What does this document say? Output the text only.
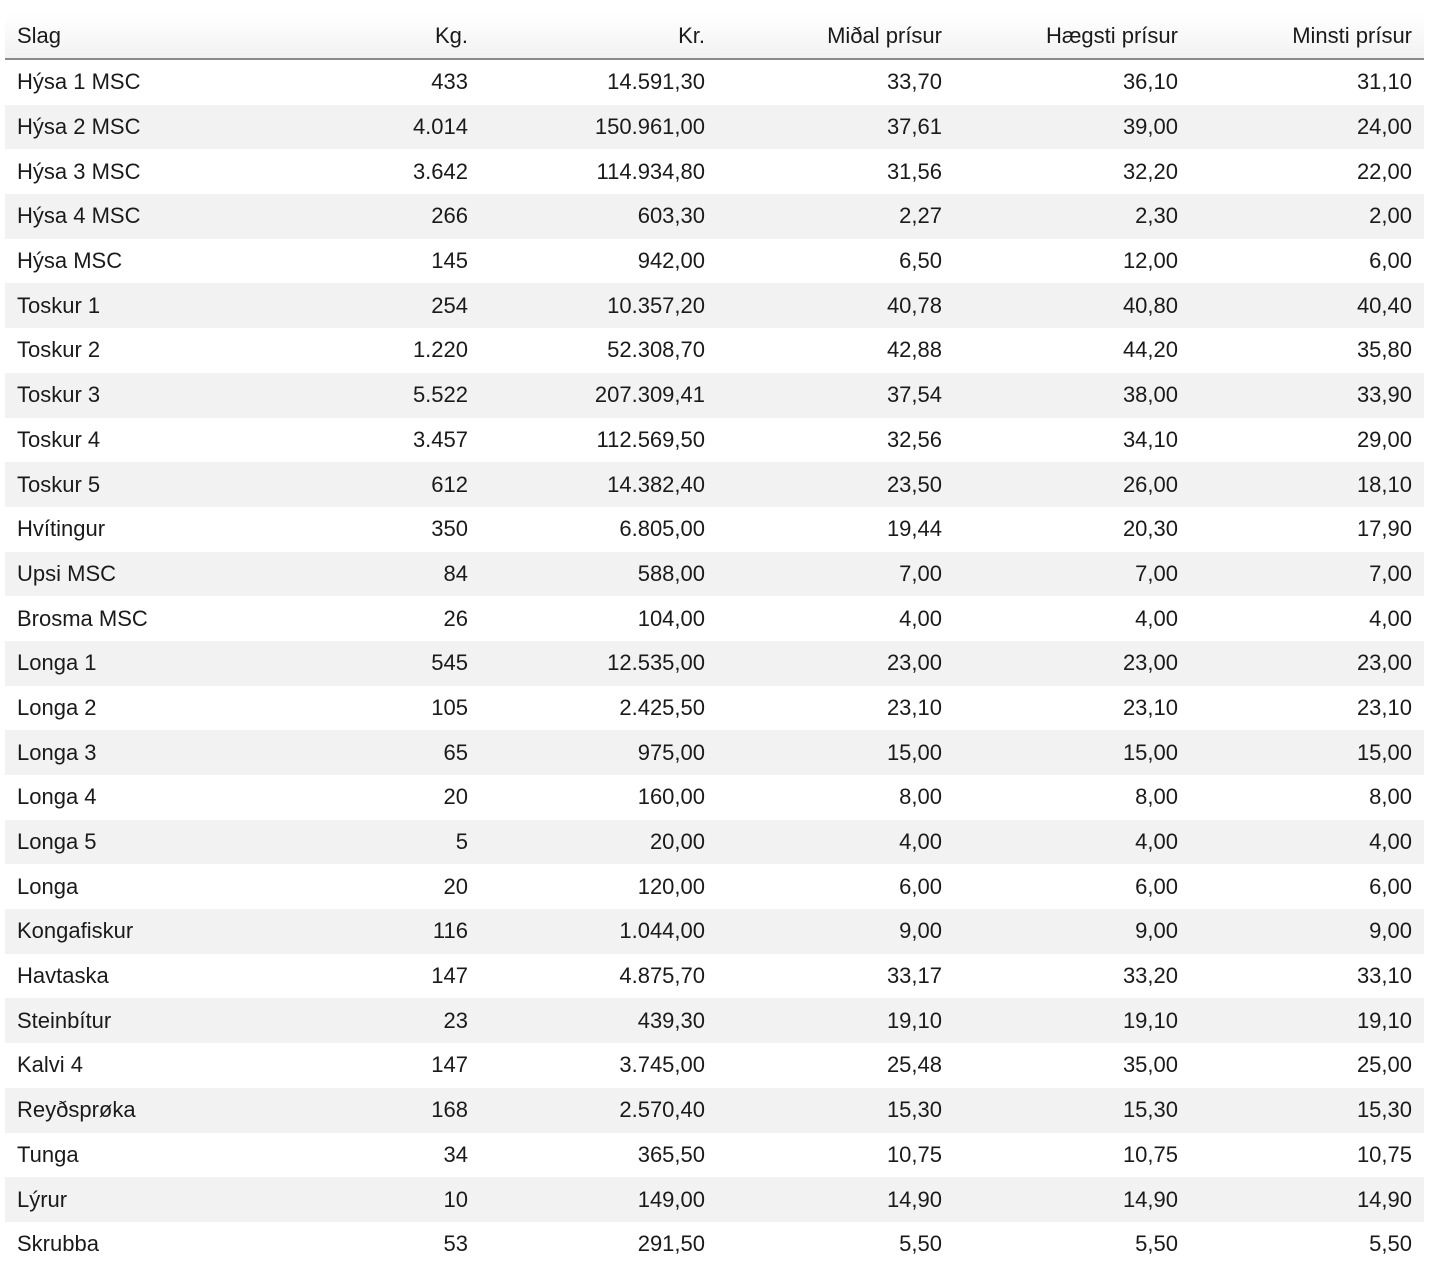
Slag	Kg.	Kr.	Miðal prísur	Hægsti prísur	Minsti prísur
Hýsa 1 MSC	433	14.591,30	33,70	36,10	31,10
Hýsa 2 MSC	4.014	150.961,00	37,61	39,00	24,00
Hýsa 3 MSC	3.642	114.934,80	31,56	32,20	22,00
Hýsa 4 MSC	266	603,30	2,27	2,30	2,00
Hýsa MSC	145	942,00	6,50	12,00	6,00
Toskur 1	254	10.357,20	40,78	40,80	40,40
Toskur 2	1.220	52.308,70	42,88	44,20	35,80
Toskur 3	5.522	207.309,41	37,54	38,00	33,90
Toskur 4	3.457	112.569,50	32,56	34,10	29,00
Toskur 5	612	14.382,40	23,50	26,00	18,10
Hvítingur	350	6.805,00	19,44	20,30	17,90
Upsi MSC	84	588,00	7,00	7,00	7,00
Brosma MSC	26	104,00	4,00	4,00	4,00
Longa 1	545	12.535,00	23,00	23,00	23,00
Longa 2	105	2.425,50	23,10	23,10	23,10
Longa 3	65	975,00	15,00	15,00	15,00
Longa 4	20	160,00	8,00	8,00	8,00
Longa 5	5	20,00	4,00	4,00	4,00
Longa	20	120,00	6,00	6,00	6,00
Kongafiskur	116	1.044,00	9,00	9,00	9,00
Havtaska	147	4.875,70	33,17	33,20	33,10
Steinbítur	23	439,30	19,10	19,10	19,10
Kalvi 4	147	3.745,00	25,48	35,00	25,00
Reyðsprøka	168	2.570,40	15,30	15,30	15,30
Tunga	34	365,50	10,75	10,75	10,75
Lýrur	10	149,00	14,90	14,90	14,90
Skrubba	53	291,50	5,50	5,50	5,50
